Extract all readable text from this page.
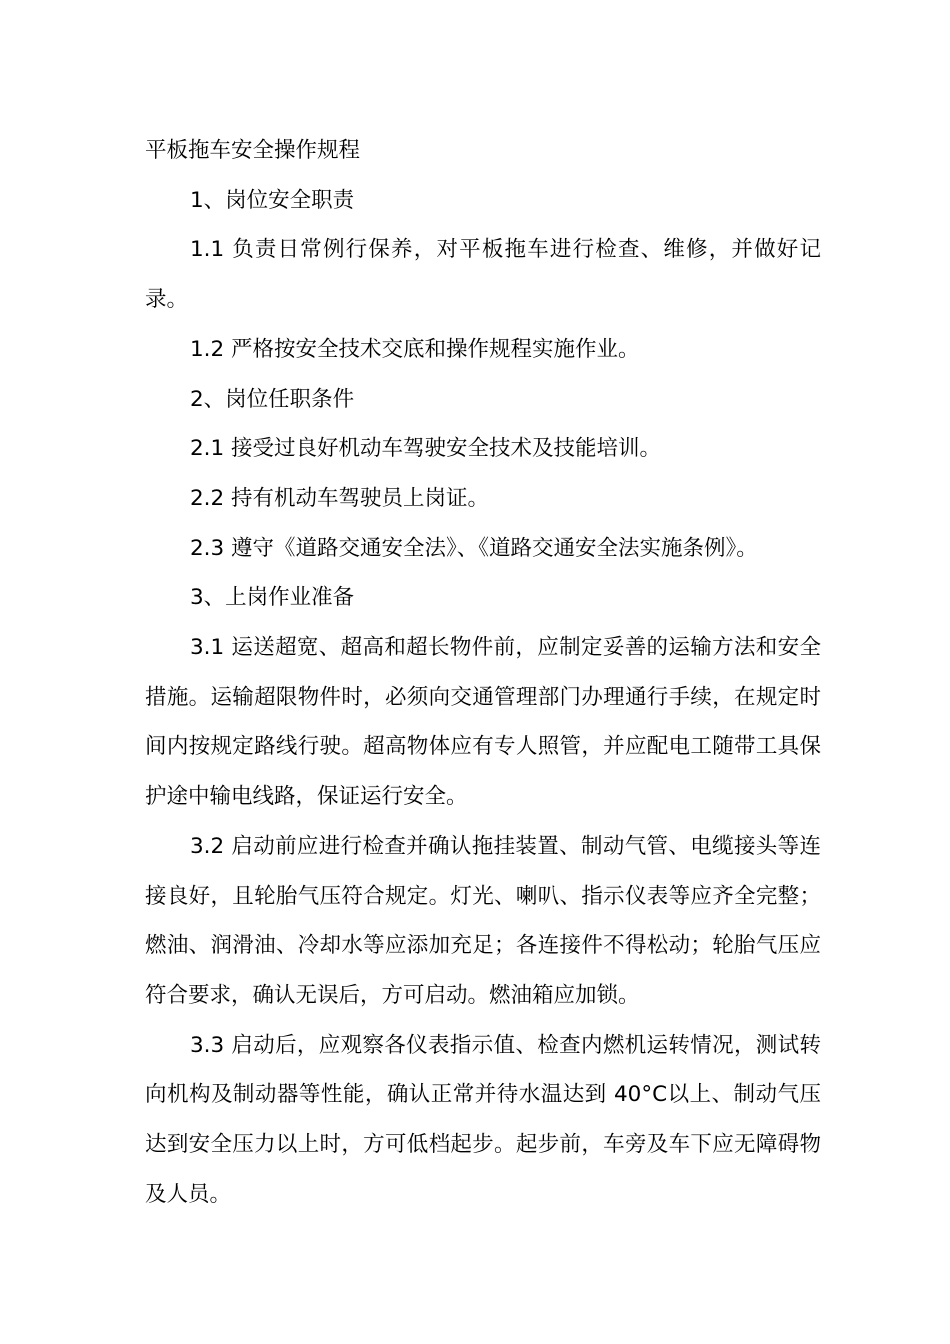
平板拖车安全操作规程

1、岗位安全职责

1.1 负责日常例行保养，对平板拖车进行检查、维修，并做好记录。

1.2 严格按安全技术交底和操作规程实施作业。

2、岗位任职条件

2.1 接受过良好机动车驾驶安全技术及技能培训。

2.2 持有机动车驾驶员上岗证。

2.3 遵守《道路交通安全法》、《道路交通安全法实施条例》。

3、上岗作业准备

3.1 运送超宽、超高和超长物件前，应制定妥善的运输方法和安全措施。运输超限物件时，必须向交通管理部门办理通行手续，在规定时间内按规定路线行驶。超高物体应有专人照管，并应配电工随带工具保护途中输电线路，保证运行安全。

3.2 启动前应进行检查并确认拖挂装置、制动气管、电缆接头等连接良好，且轮胎气压符合规定。灯光、喇叭、指示仪表等应齐全完整；燃油、润滑油、冷却水等应添加充足；各连接件不得松动；轮胎气压应符合要求，确认无误后，方可启动。燃油箱应加锁。

3.3 启动后，应观察各仪表指示值、检查内燃机运转情况，测试转向机构及制动器等性能，确认正常并待水温达到 40°C以上、制动气压达到安全压力以上时，方可低档起步。起步前，车旁及车下应无障碍物及人员。
